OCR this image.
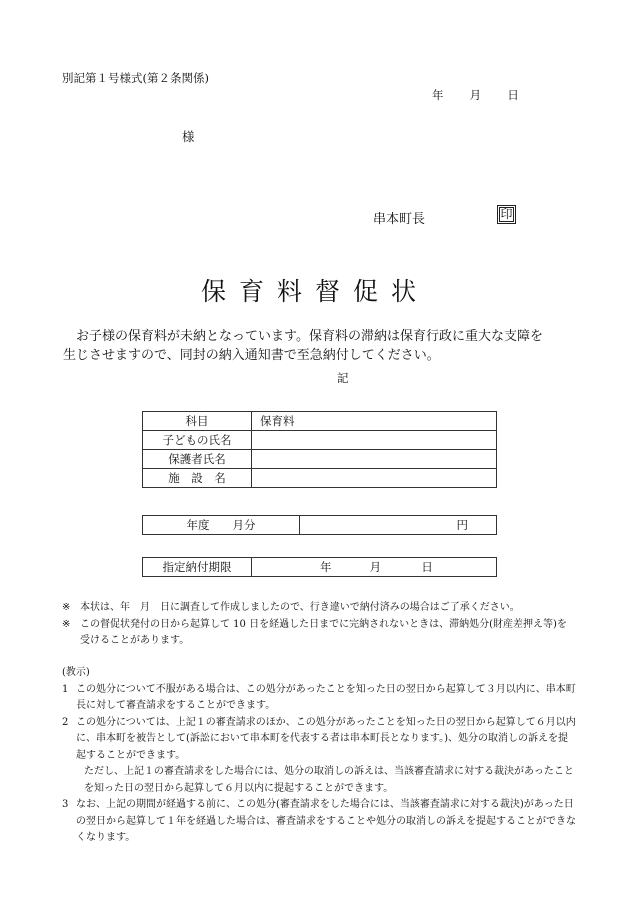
別記第１号様式(第２条関係)
年 月 日
様
串本町長	印
保育料督促状

お子様の保育料が未納となっています。保育料の滞納は保育行政に重大な支障を

生じさせますので、同封の納入通知書で至急納付してください。

記
科目	保育料
子どもの氏名	
保護者氏名	
施　設　名	
年度　　月分	円
指定納付期限	年	月	日
※ 本状は、年　月　日に調査して作成しましたので、行き違いで納付済みの場合はご了承ください。
※ この督促状発付の日から起算して 10 日を経過した日までに完納されないときは、滞納処分(財産差押え等)を受けることがあります。
(教示)
1 この処分について不服がある場合は、この処分があったことを知った日の翌日から起算して３月以内に、串本町長に対して審査請求をすることができます。
2 この処分については、上記１の審査請求のほか、この処分があったことを知った日の翌日から起算して６月以内に、串本町を被告として(訴訟において串本町を代表する者は串本町長となります。)、処分の取消しの訴えを提起することができます。
ただし、上記１の審査請求をした場合には、処分の取消しの訴えは、当該審査請求に対する裁決があったことを知った日の翌日から起算して６月以内に提起することができます。
3 なお、上記の期間が経過する前に、この処分(審査請求をした場合には、当該審査請求に対する裁決)があった日の翌日から起算して１年を経過した場合は、審査請求をすることや処分の取消しの訴えを提起することができなくなります。
